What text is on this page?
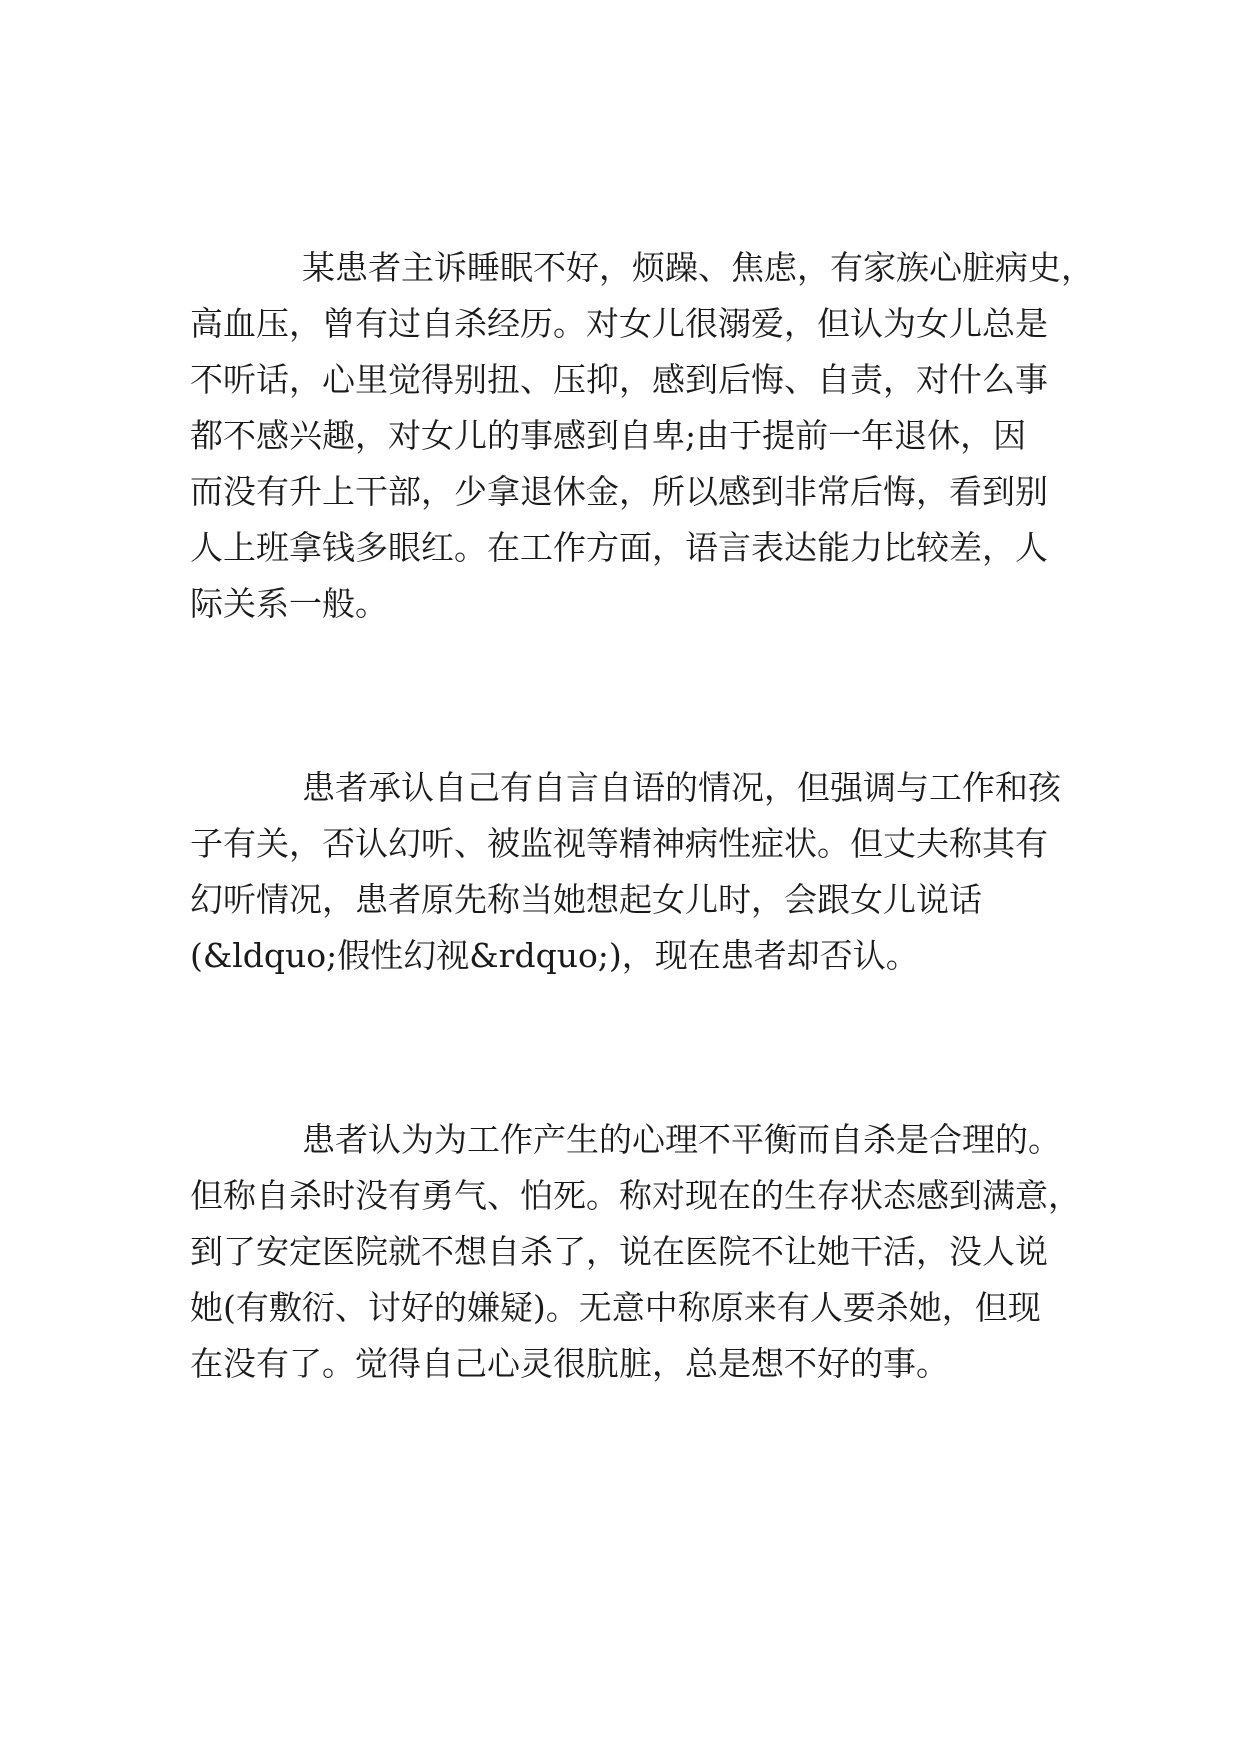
某患者主诉睡眠不好，烦躁、焦虑，有家族心脏病史，
高血压，曾有过自杀经历。对女儿很溺爱，但认为女儿总是
不听话，心里觉得别扭、压抑，感到后悔、自责，对什么事
都不感兴趣，对女儿的事感到自卑;由于提前一年退休，因
而没有升上干部，少拿退休金，所以感到非常后悔，看到别
人上班拿钱多眼红。在工作方面，语言表达能力比较差，人
际关系一般。
患者承认自己有自言自语的情况，但强调与工作和孩
子有关，否认幻听、被监视等精神病性症状。但丈夫称其有
幻听情况，患者原先称当她想起女儿时，会跟女儿说话
(&ldquo;假性幻视&rdquo;)，现在患者却否认。
患者认为为工作产生的心理不平衡而自杀是合理的。
但称自杀时没有勇气、怕死。称对现在的生存状态感到满意，
到了安定医院就不想自杀了，说在医院不让她干活，没人说
她(有敷衍、讨好的嫌疑)。无意中称原来有人要杀她，但现
在没有了。觉得自己心灵很肮脏，总是想不好的事。
